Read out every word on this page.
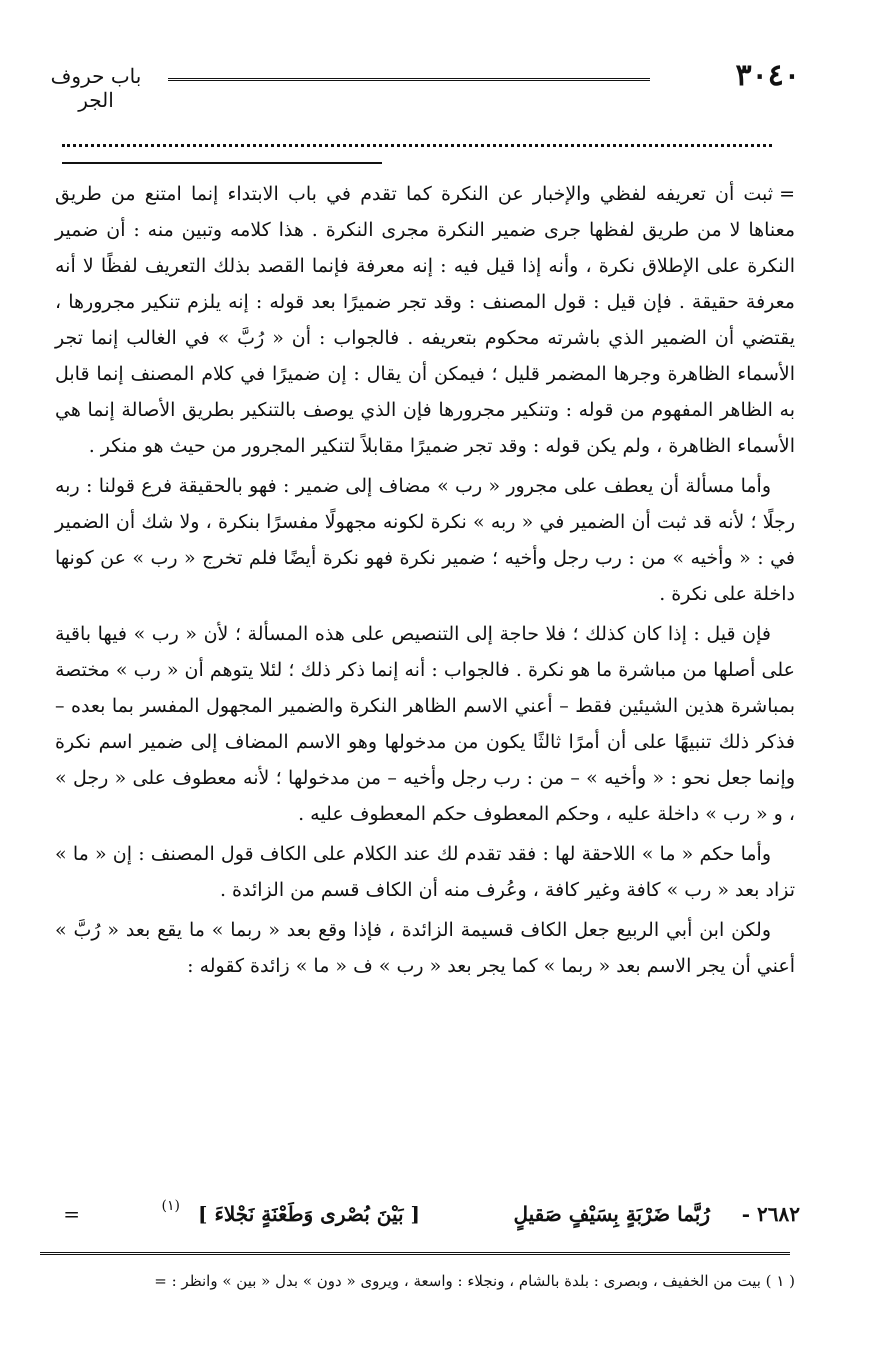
٣٠٤٠
باب حروف الجر

=ثبت أن تعريفه لفظي والإخبار عن النكرة كما تقدم في باب الابتداء إنما امتنع من طريق معناها لا من طريق لفظها جرى ضمير النكرة مجرى النكرة . هذا كلامه وتبين منه : أن ضمير النكرة على الإطلاق نكرة ، وأنه إذا قيل فيه : إنه معرفة فإنما القصد بذلك التعريف لفظًا لا أنه معرفة حقيقة . فإن قيل : قول المصنف : وقد تجر ضميرًا بعد قوله : إنه يلزم تنكير مجرورها ، يقتضي أن الضمير الذي باشرته محكوم بتعريفه . فالجواب : أن « رُبَّ » في الغالب إنما تجر الأسماء الظاهرة وجرها المضمر قليل ؛ فيمكن أن يقال : إن ضميرًا في كلام المصنف إنما قابل به الظاهر المفهوم من قوله : وتنكير مجرورها فإن الذي يوصف بالتنكير بطريق الأصالة إنما هي الأسماء الظاهرة ، ولم يكن قوله : وقد تجر ضميرًا مقابلاً لتنكير المجرور من حيث هو منكر .

وأما مسألة أن يعطف على مجرور « رب » مضاف إلى ضمير : فهو بالحقيقة فرع قولنا : ربه رجلًا ؛ لأنه قد ثبت أن الضمير في « ربه » نكرة لكونه مجهولًا مفسرًا بنكرة ، ولا شك أن الضمير في : « وأخيه » من : رب رجل وأخيه ؛ ضمير نكرة فهو نكرة أيضًا فلم تخرج « رب » عن كونها داخلة على نكرة .

فإن قيل : إذا كان كذلك ؛ فلا حاجة إلى التنصيص على هذه المسألة ؛ لأن « رب » فيها باقية على أصلها من مباشرة ما هو نكرة . فالجواب : أنه إنما ذكر ذلك ؛ لئلا يتوهم أن « رب » مختصة بمباشرة هذين الشيئين فقط – أعني الاسم الظاهر النكرة والضمير المجهول المفسر بما بعده – فذكر ذلك تنبيهًا على أن أمرًا ثالثًا يكون من مدخولها وهو الاسم المضاف إلى ضمير اسم نكرة وإنما جعل نحو : « وأخيه » – من : رب رجل وأخيه – من مدخولها ؛ لأنه معطوف على « رجل » ، و « رب » داخلة عليه ، وحكم المعطوف حكم المعطوف عليه .

وأما حكم « ما » اللاحقة لها : فقد تقدم لك عند الكلام على الكاف قول المصنف : إن « ما » تزاد بعد « رب » كافة وغير كافة ، وعُرف منه أن الكاف قسم من الزائدة .

ولكن ابن أبي الربيع جعل الكاف قسيمة الزائدة ، فإذا وقع بعد « ربما » ما يقع بعد « رُبَّ » أعني أن يجر الاسم بعد « ربما » كما يجر بعد « رب » ف « ما » زائدة كقوله :

٢٦٨٢ -
رُبَّما ضَرْبَةٍ بِسَيْفٍ صَقيلٍ
[ بَيْنَ بُصْرى وَطَعْنَةٍ نَجْلاءَ ]
(١)
=
( ١ ) بيت من الخفيف ، وبصرى : بلدة بالشام ، ونجلاء : واسعة ، ويروى « دون » بدل « بين » وانظر : =
